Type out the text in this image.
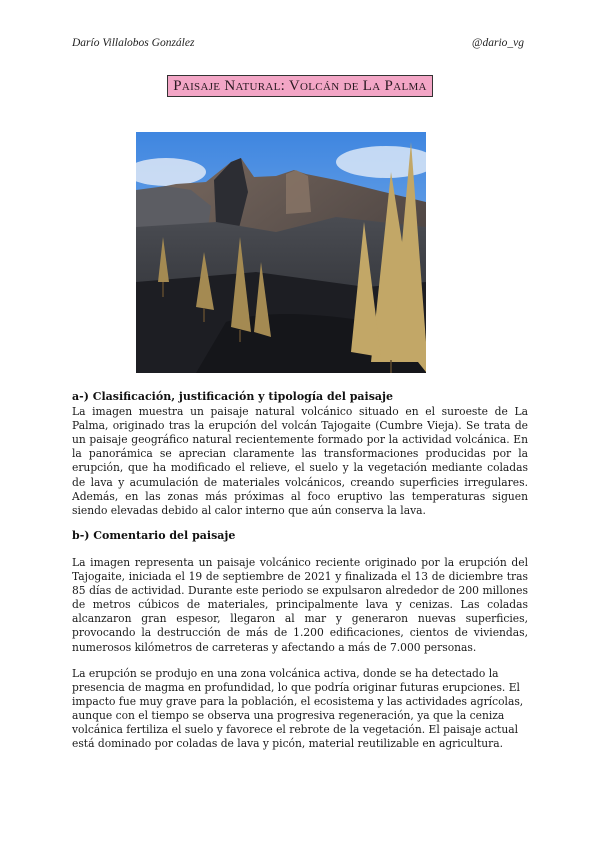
Darío Villalobos González	@dario_vg
Paisaje Natural: Volcán de La Palma
a-) Clasificación, justificación y tipología del paisaje

La imagen muestra un paisaje natural volcánico situado en el suroeste de La Palma, originado tras la erupción del volcán Tajogaite (Cumbre Vieja). Se trata de un paisaje geográfico natural recientemente formado por la actividad volcánica. En la panorámica se aprecian claramente las transformaciones producidas por la erupción, que ha modificado el relieve, el suelo y la vegetación mediante coladas de lava y acumulación de materiales volcánicos, creando superficies irregulares. Además, en las zonas más próximas al foco eruptivo las temperaturas siguen siendo elevadas debido al calor interno que aún conserva la lava.

b-) Comentario del paisaje

La imagen representa un paisaje volcánico reciente originado por la erupción del Tajogaite, iniciada el 19 de septiembre de 2021 y finalizada el 13 de diciembre tras 85 días de actividad. Durante este periodo se expulsaron alrededor de 200 millones de metros cúbicos de materiales, principalmente lava y cenizas. Las coladas alcanzaron gran espesor, llegaron al mar y generaron nuevas superficies, provocando la destrucción de más de 1.200 edificaciones, cientos de viviendas, numerosos kilómetros de carreteras y afectando a más de 7.000 personas.

La erupción se produjo en una zona volcánica activa, donde se ha detectado la presencia de magma en profundidad, lo que podría originar futuras erupciones. El impacto fue muy grave para la población, el ecosistema y las actividades agrícolas, aunque con el tiempo se observa una progresiva regeneración, ya que la ceniza volcánica fertiliza el suelo y favorece el rebrote de la vegetación. El paisaje actual está dominado por coladas de lava y picón, material reutilizable en agricultura.
